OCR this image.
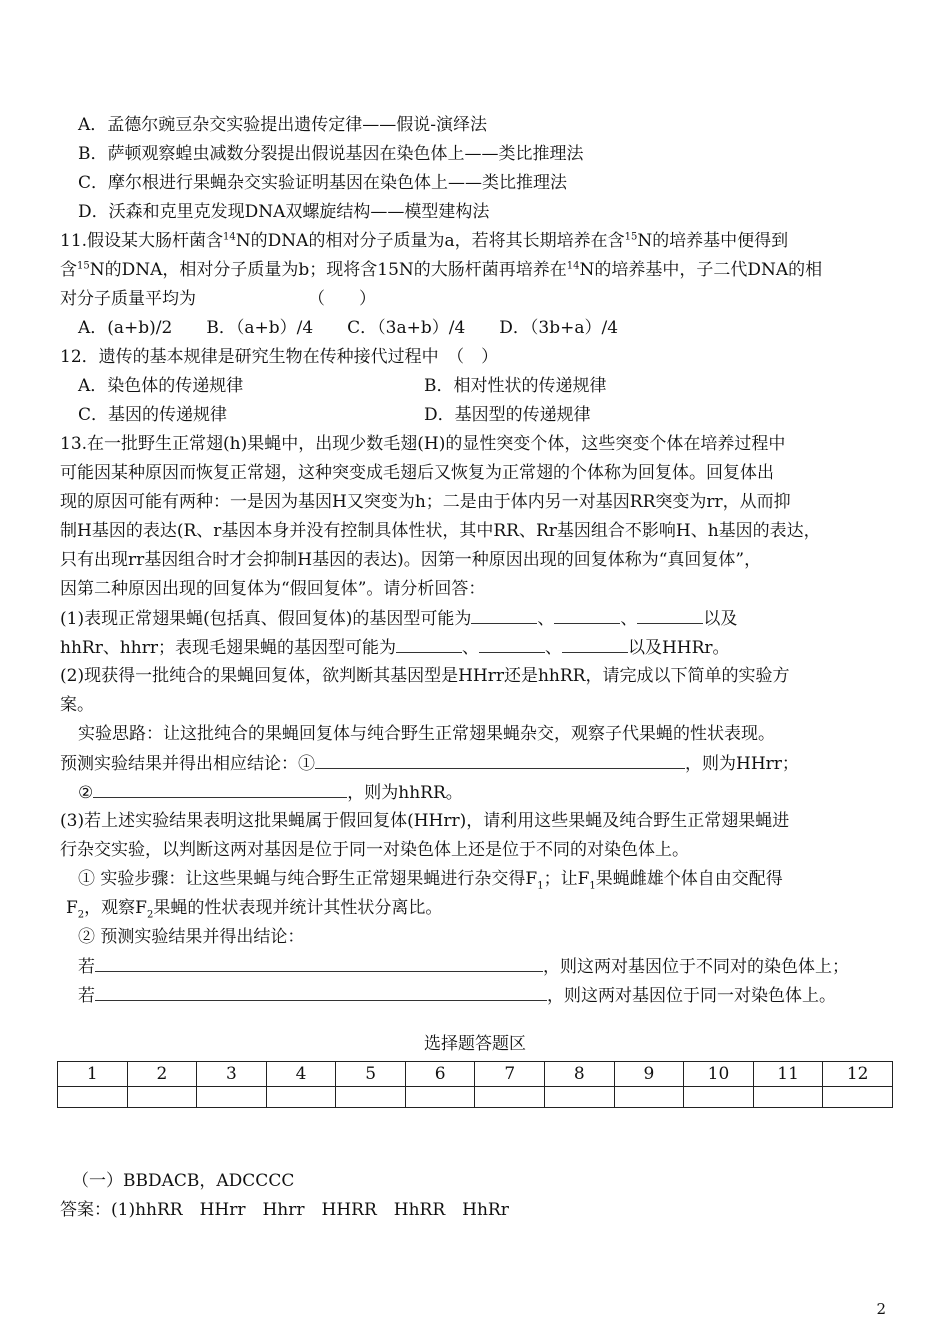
A．孟德尔豌豆杂交实验提出遗传定律——假说-演绎法
B．萨顿观察蝗虫减数分裂提出假说基因在染色体上——类比推理法
C．摩尔根进行果蝇杂交实验证明基因在染色体上——类比推理法
D．沃森和克里克发现DNA双螺旋结构——模型建构法
11.假设某大肠杆菌含$^{14}$N的DNA的相对分子质量为a，若将其长期培养在含$^{15}$N的培养基中便得到
含$^{15}$N的DNA，相对分子质量为b；现将含15N的大肠杆菌再培养在$^{14}$N的培养基中，子二代DNA的相
对分子质量平均为	（　　）
A．(a+b)/2　　B．（a+b）/4　　C．（3a+b）/4　　D．（3b+a）/4
12．遗传的基本规律是研究生物在传种接代过程中　（　）
A．染色体的传递规律	B．相对性状的传递规律
C．基因的传递规律	D．基因型的传递规律
13.在一批野生正常翅(h)果蝇中，出现少数毛翅(H)的显性突变个体，这些突变个体在培养过程中
可能因某种原因而恢复正常翅，这种突变成毛翅后又恢复为正常翅的个体称为回复体。回复体出
现的原因可能有两种：一是因为基因H又突变为h；二是由于体内另一对基因RR突变为rr，从而抑
制H基因的表达(R、r基因本身并没有控制具体性状，其中RR、Rr基因组合不影响H、h基因的表达，
只有出现rr基因组合时才会抑制H基因的表达)。因第一种原因出现的回复体称为“真回复体”，
因第二种原因出现的回复体为“假回复体”。请分析回答：
(1)表现正常翅果蝇(包括真、假回复体)的基因型可能为	、	、	以及
hhRr、hhrr；表现毛翅果蝇的基因型可能为	、	、	以及HHRr。
(2)现获得一批纯合的果蝇回复体，欲判断其基因型是HHrr还是hhRR，请完成以下简单的实验方
案。
实验思路：让这批纯合的果蝇回复体与纯合野生正常翅果蝇杂交，观察子代果蝇的性状表现。
预测实验结果并得出相应结论：①	，则为HHrr；
②	，则为hhRR。
(3)若上述实验结果表明这批果蝇属于假回复体(HHrr)，请利用这些果蝇及纯合野生正常翅果蝇进
行杂交实验，以判断这两对基因是位于同一对染色体上还是位于不同的对染色体上。
① 实验步骤：让这些果蝇与纯合野生正常翅果蝇进行杂交得$F_1$；让$F_1$果蝇雌雄个体自由交配得
$F_2$，观察$F_2$果蝇的性状表现并统计其性状分离比。
② 预测实验结果并得出结论：
若	，则这两对基因位于不同对的染色体上；
若	，则这两对基因位于同一对染色体上。
选择题答题区
1	2	3	4	5	6	7	8	9	10	11	12

（一）BBDACB，ADCCCC
答案：(1)hhRR　HHrr　Hhrr　HHRR　HhRR　HhRr
2
